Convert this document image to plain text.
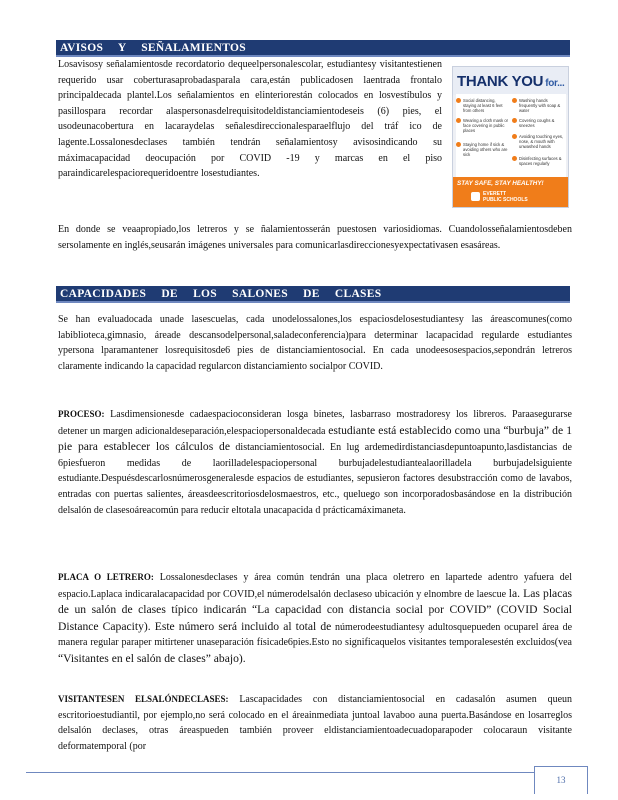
AVISOS Y SEÑALAMIENTOS

Losavisosy señalamientosde recordatorio dequeelpersonalescolar, estudiantesy visitantestienen requerido usar coberturasaprobadasparala cara,están publicadosen laentrada frontalo principaldecada plantel.Los señalamientos en elinteriorestán colocados en losvestíbulos y pasillospara recordar alaspersonasdelrequisitodeldistanciamientodeseis (6) pies, el usodeunacobertura en lacaraydelas señalesdireccionalesparaelflujo del tráf ico de lagente.Lossalonesdeclases también tendrán señalamientosy avisosindicando su máximacapacidad deocupación por COVID -19 y marcas en el piso paraindicarelespaciorequeridoentre losestudiantes.

En donde se veaapropiado,los letreros y se ñalamientosserán puestosen variosidiomas. Cuandolosseñalamientosdeben sersolamente en inglés,seusarán imágenes universales para comunicarlasdireccionesyexpectativasen esasáreas.

THANK YOU for...
Social distancing, staying at least 6 feet from others
Wearing a cloth mask or face covering in public places
Staying home if sick & avoiding others who are sick
Washing hands frequently with soap & water
Covering coughs & sneezes
Avoiding touching eyes, nose, & mouth with unwashed hands
Disinfecting surfaces & spaces regularly
STAY SAFE, STAY HEALTHY!
EVERETT
PUBLIC SCHOOLS
CAPACIDADES DE LOS SALONES DE CLASES

Se han evaluadocada unade lasescuelas, cada unodelossalones,los espaciosdelosestudiantesy las áreascomunes(como labiblioteca,gimnasio, áreade descansodelpersonal,saladeconferencia)para determinar lacapacidad regularde estudiantes ypersona lparamantener losrequisitosde6 pies de distanciamientosocial. En cada unodeesosespacios,sepondrán letreros claramente indicando la capacidad regularcon distanciamiento socialpor COVID.

PROCESO: Lasdimensionesde cadaespacioconsideran losga binetes, lasbarraso mostradoresy los libreros. Paraasegurarse detener un margen adicionaldeseparación,elespaciopersonaldecada estudiante está establecido como una “burbuja” de 1 pie para establecer los cálculos de distanciamientosocial. En lug ardemedirdistanciasdepuntoapunto,lasdistancias de 6piesfueron medidas de laorilladelespaciopersonal burbujadelestudiantealaorilladela burbujadelsiguiente estudiante.Despuésdescarlosnúmerosgeneralesde espacios de estudiantes, sepusieron factores desubstracción como de lavabos, entradas con puertas salientes, áreasdeescritoriosdelosmaestros, etc., queluego son incorporadosbasándose en la distribución delsalón de clasesoáreacomún para reducir eltotala unacapacida d prácticamáximaneta.

PLACA O LETRERO: Lossalonesdeclases y área común tendrán una placa oletrero en lapartede adentro yafuera del espacio.Laplaca indicaralacapacidad por COVID,el númerodelsalón declaseso ubicación y elnombre de laescue la. Las placas de un salón de clases típico indicarán “La capacidad con distancia social por COVID” (COVID Social Distance Capacity). Este número será incluido al total de númerodeestudiantesy adultosquepueden ocuparel área de manera regular paraper mitirtener unaseparación físicade6pies.Esto no significaquelos visitantes temporalesestén excluidos(vea “Visitantes en el salón de clases” abajo).

VISITANTESEN ELSALÓNDECLASES: Lascapacidades con distanciamientosocial en cadasalón asumen queun escritorioestudiantil, por ejemplo,no será colocado en el áreainmediata juntoal lavaboo auna puerta.Basándose en losarreglos delsalón declases, otras áreaspueden también proveer eldistanciamientoadecuadoparapoder colocaraun visitante deformatemporal (por

13
